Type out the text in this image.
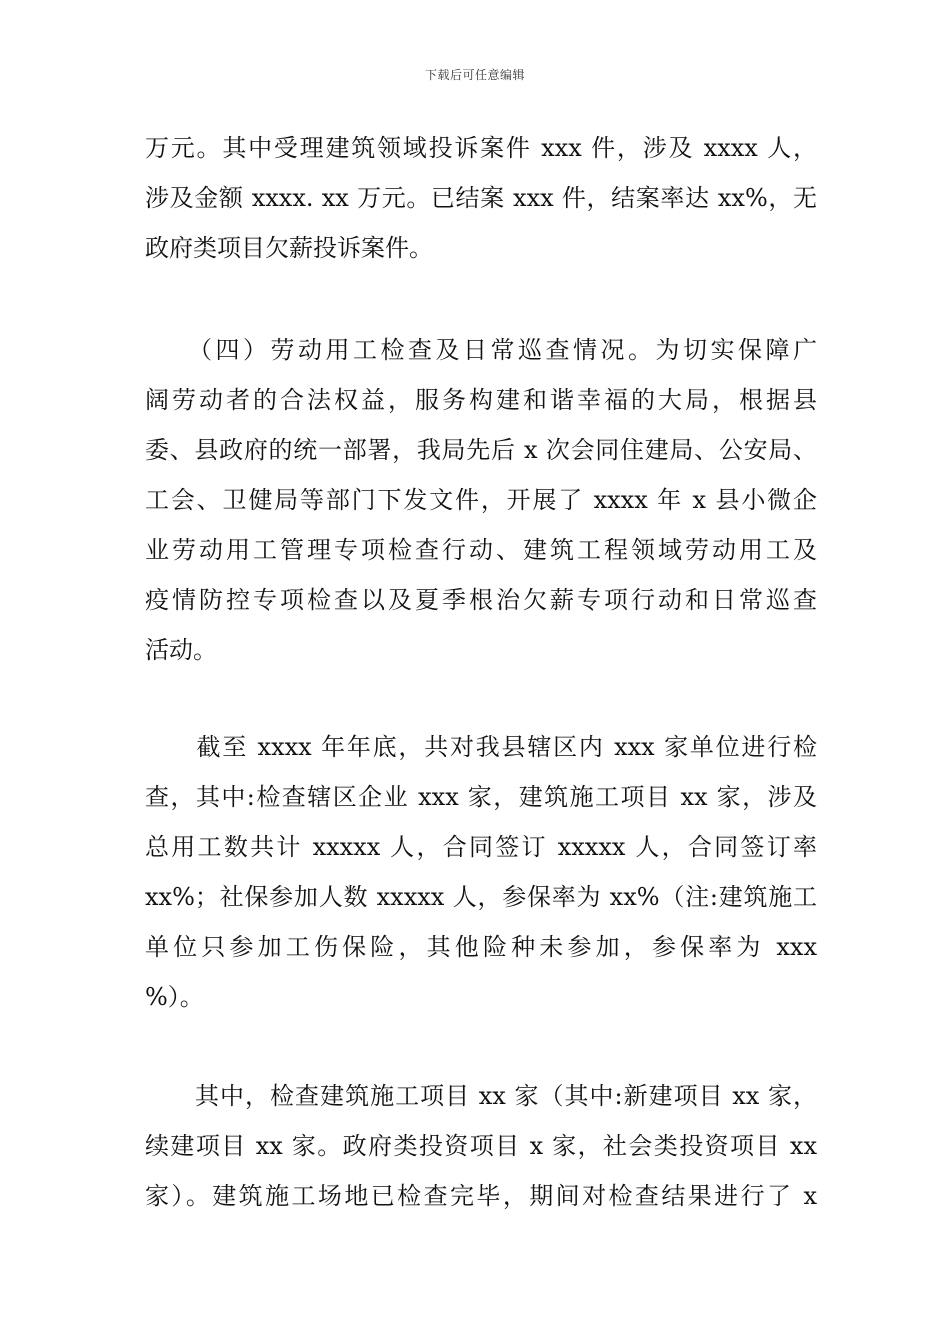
下载后可任意编辑
万元。其中受理建筑领域投诉案件 xxx 件，涉及 xxxx 人，
涉及金额 xxxx. xx 万元。已结案 xxx 件，结案率达 xx%，无
政府类项目欠薪投诉案件。
　　（四）劳动用工检查及日常巡查情况。为切实保障广
阔劳动者的合法权益，服务构建和谐幸福的大局，根据县
委、县政府的统一部署，我局先后 x 次会同住建局、公安局、
工会、卫健局等部门下发文件，开展了 xxxx 年 x 县小微企
业劳动用工管理专项检查行动、建筑工程领域劳动用工及
疫情防控专项检查以及夏季根治欠薪专项行动和日常巡查
活动。
　　截至 xxxx 年年底，共对我县辖区内 xxx 家单位进行检
查，其中:检查辖区企业 xxx 家，建筑施工项目 xx 家，涉及
总用工数共计 xxxxx 人，合同签订 xxxxx 人，合同签订率
xx%；社保参加人数 xxxxx 人，参保率为 xx%（注:建筑施工
单位只参加工伤保险，其他险种未参加，参保率为 xxx
%）。
　　其中，检查建筑施工项目 xx 家（其中:新建项目 xx 家，
续建项目 xx 家。政府类投资项目 x 家，社会类投资项目 xx
家）。建筑施工场地已检查完毕，期间对检查结果进行了 x
